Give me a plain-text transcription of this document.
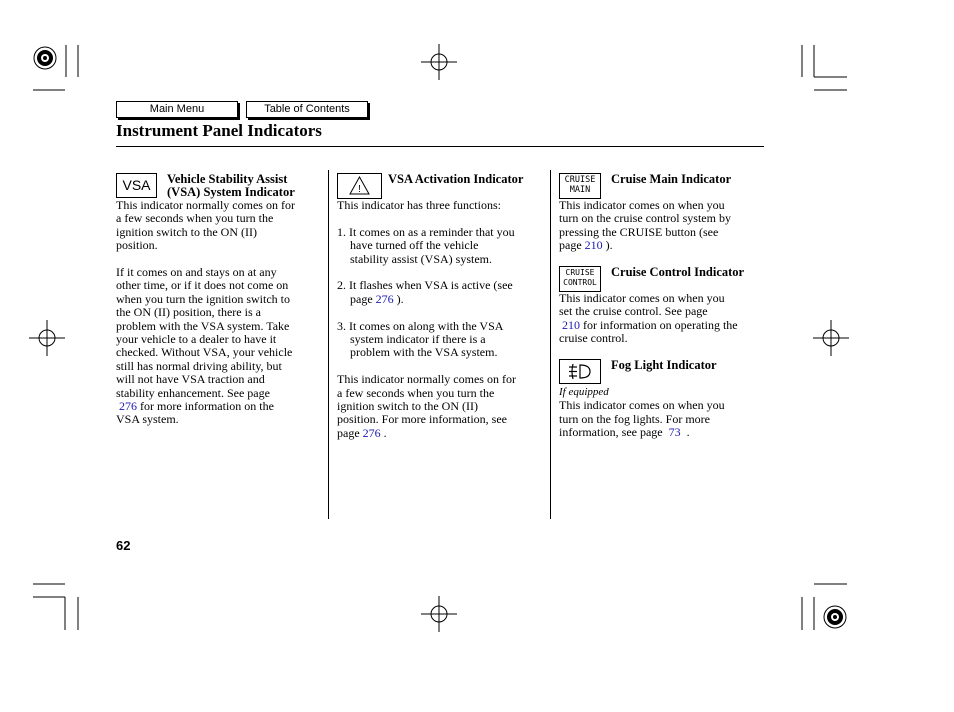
Main Menu	Table of Contents
Instrument Panel Indicators
VSA	Vehicle Stability Assist

(VSA) System Indicator

This indicator normally comes on for

a few seconds when you turn the

ignition switch to the ON (II)

position.

If it comes on and stays on at any

other time, or if it does not come on

when you turn the ignition switch to

the ON (II) position, there is a

problem with the VSA system. Take

your vehicle to a dealer to have it

checked. Without VSA, your vehicle

still has normal driving ability, but

will not have VSA traction and

stability enhancement. See page

276 for more information on the

VSA system.

!

VSA Activation Indicator

This indicator has three functions:

1. It comes on as a reminder that you

have turned off the vehicle

stability assist (VSA) system.

2. It flashes when VSA is active (see

page 276 ).

3. It comes on along with the VSA

system indicator if there is a

problem with the VSA system.

This indicator normally comes on for

a few seconds when you turn the

ignition switch to the ON (II)

position. For more information, see

page 276 .

CRUISE
MAIN

Cruise Main Indicator

This indicator comes on when you

turn on the cruise control system by

pressing the CRUISE button (see

page 210 ).

CRUISE
CONTROL

Cruise Control Indicator

This indicator comes on when you

set the cruise control. See page

210 for information on operating the

cruise control.

Fog Light Indicator

If equipped

This indicator comes on when you

turn on the fog lights. For more

information, see page 73 .

62
